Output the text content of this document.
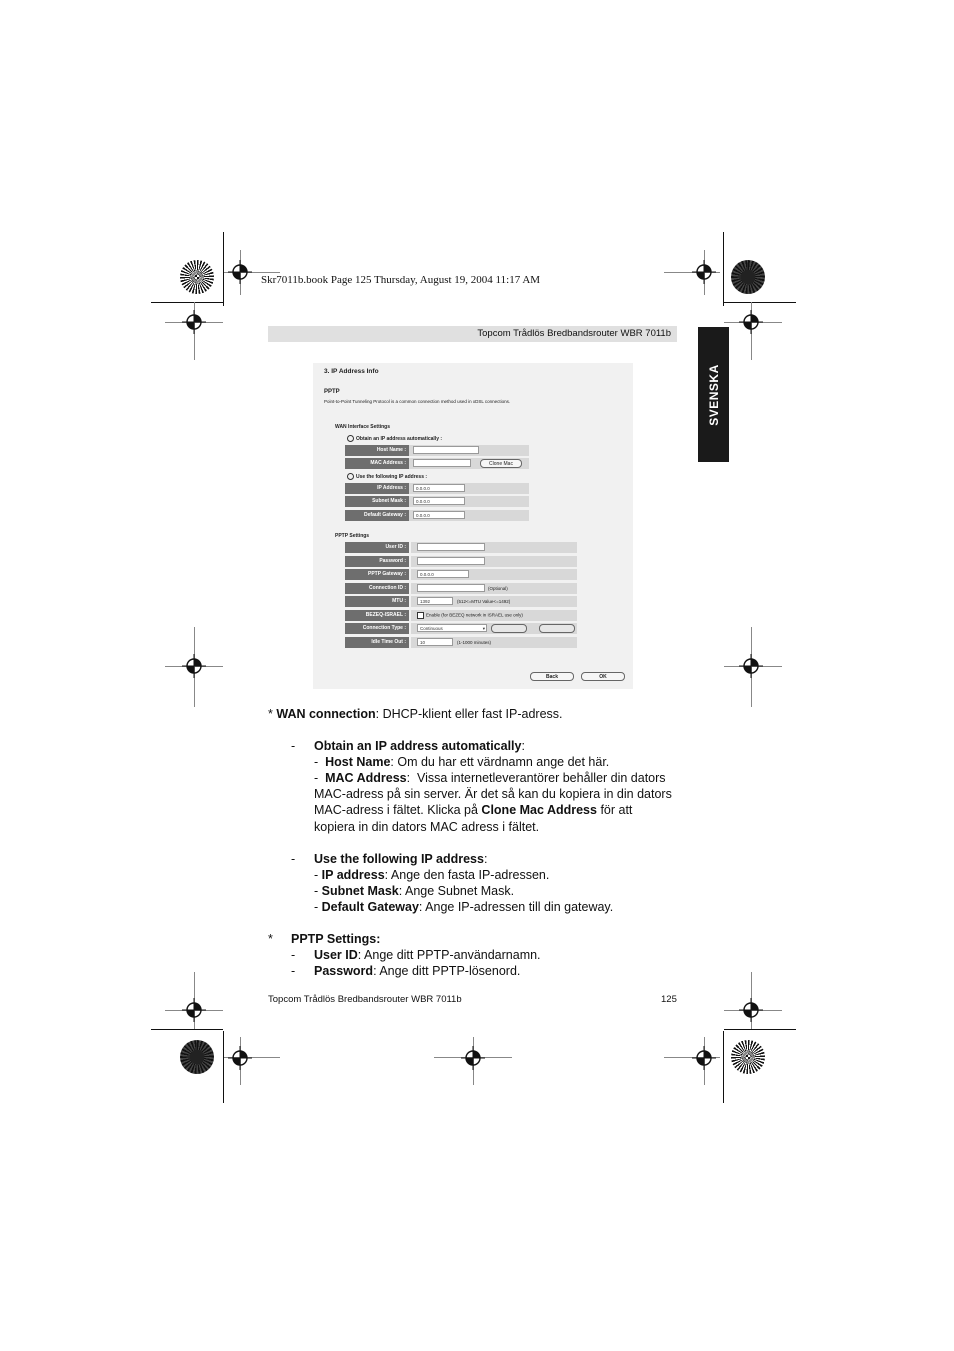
Skr7011b.book Page 125 Thursday, August 19, 2004 11:17 AM
Topcom Trådlös Bredbandsrouter WBR 7011b
SVENSKA
3. IP Address Info
PPTP
Point-to-Point Tunneling Protocol is a common connection method used in xDSL connections.
WAN Interface Settings
Obtain an IP address automatically :
Host Name :
MAC Address :	Clone Mac
Use the following IP address :
IP Address :	0.0.0.0
Subnet Mask :	0.0.0.0
Default Gateway :	0.0.0.0
PPTP Settings
User ID :
Password :
PPTP Gateway :	0.0.0.0
Connection ID :	(Optional)
MTU :	1392	(512<=MTU Value<=1492)
BEZEQ-ISRAEL :	Enable (for BEZEQ network in ISRAEL use only)
Connection Type :	Continuous	▾
Idle Time Out :	10	(1-1000 minutes)
Back	OK
* WAN connection: DHCP-klient eller fast IP-adress.
- Obtain an IP address automatically:
-  Host Name: Om du har ett värdnamn ange det här.
-  MAC Address:  Vissa internetleverantörer behåller din dators
MAC-adress på sin server. Är det så kan du kopiera in din dators
MAC-adress i fältet. Klicka på Clone Mac Address för att
kopiera in din dators MAC adress i fältet.
- Use the following IP address:
- IP address: Ange den fasta IP-adressen.
- Subnet Mask: Ange Subnet Mask.
- Default Gateway: Ange IP-adressen till din gateway.
* PPTP Settings:
- User ID: Ange ditt PPTP-användarnamn.
- Password: Ange ditt PPTP-lösenord.
Topcom Trådlös Bredbandsrouter WBR 7011b	125
